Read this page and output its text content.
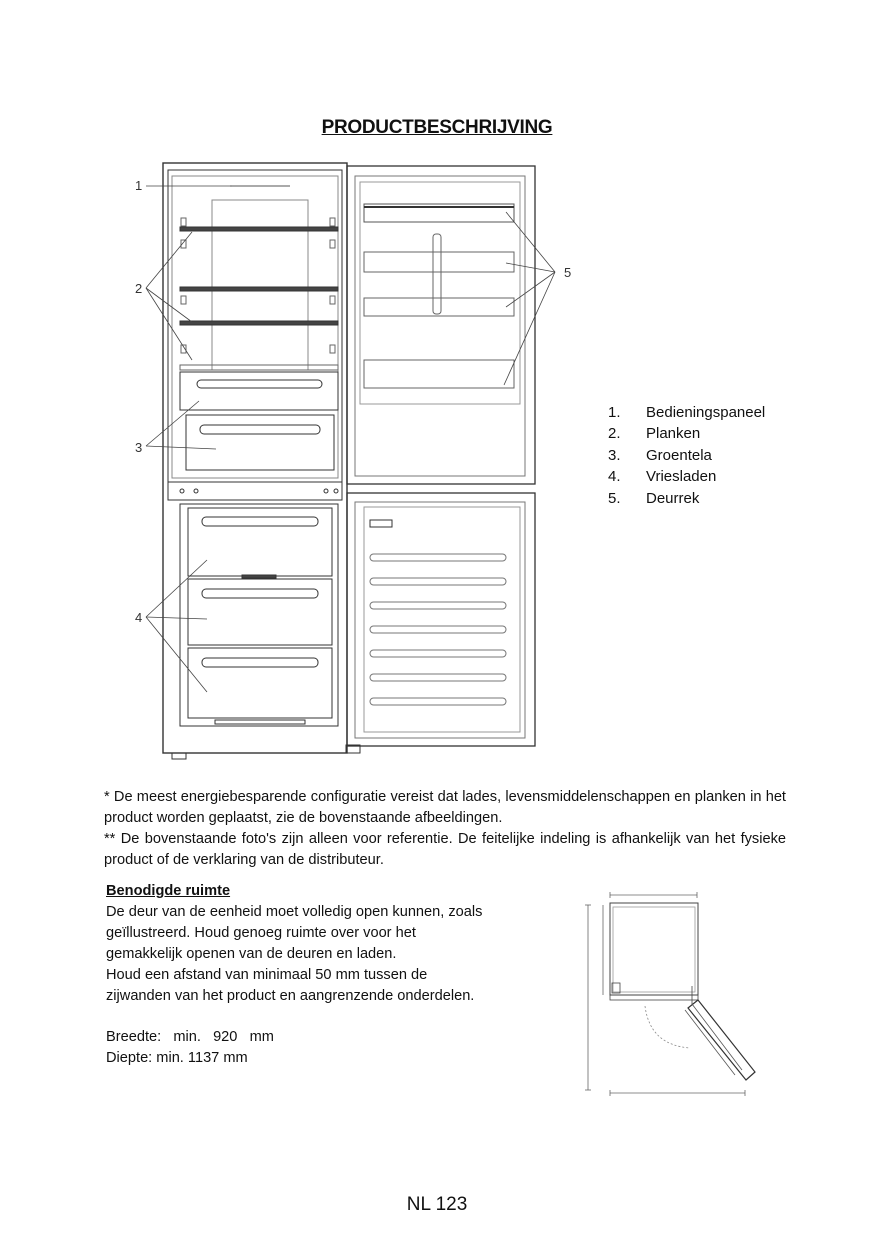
PRODUCTBESCHRIJVING
1
2
3
4
5
1.	Bedieningspaneel
2.	Planken
3.	Groentela
4.	Vriesladen
5.	Deurrek

* De meest energiebesparende configuratie vereist dat lades, levensmiddelenschappen en planken in het product worden geplaatst, zie de bovenstaande afbeeldingen.

** De bovenstaande foto's zijn alleen voor referentie. De feitelijke indeling is afhankelijk van het fysieke product of de verklaring van de distributeur.

Benodigde ruimte

De deur van de eenheid moet volledig open kunnen, zoals

geïllustreerd. Houd genoeg ruimte over voor het

gemakkelijk openen van de deuren en laden.

Houd een afstand van minimaal 50 mm tussen de

zijwanden van het product en aangrenzende onderdelen.

Breedte:   min.   920   mm

Diepte: min. 1137 mm

NL 123
